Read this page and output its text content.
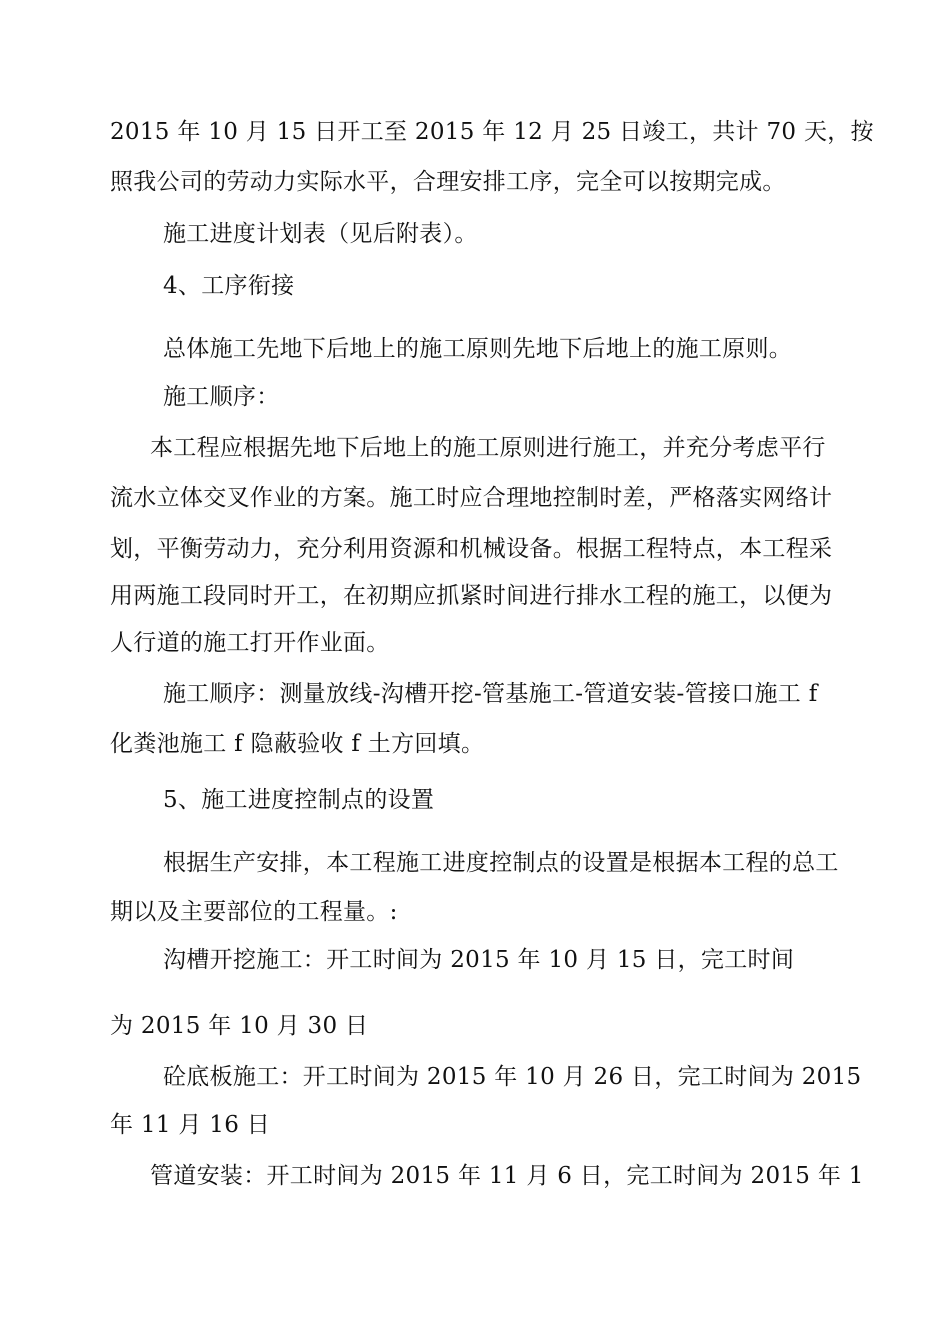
2015 年 10 月 15 日开工至 2015 年 12 月 25 日竣工，共计 70 天，按
照我公司的劳动力实际水平，合理安排工序，完全可以按期完成。
施工进度计划表（见后附表）。
4、工序衔接
总体施工先地下后地上的施工原则先地下后地上的施工原则。
施工顺序：
本工程应根据先地下后地上的施工原则进行施工，并充分考虑平行
流水立体交叉作业的方案。施工时应合理地控制时差，严格落实网络计
划，平衡劳动力，充分利用资源和机械设备。根据工程特点，本工程采
用两施工段同时开工，在初期应抓紧时间进行排水工程的施工，以便为
人行道的施工打开作业面。
施工顺序：测量放线-沟槽开挖-管基施工-管道安装-管接口施工 f
化粪池施工 f 隐蔽验收 f 土方回填。
5、施工进度控制点的设置
根据生产安排，本工程施工进度控制点的设置是根据本工程的总工
期以及主要部位的工程量。:
沟槽开挖施工：开工时间为 2015 年 10 月 15 日，完工时间
为 2015 年 10 月 30 日
砼底板施工：开工时间为 2015 年 10 月 26 日，完工时间为 2015
年 11 月 16 日
管道安装：开工时间为 2015 年 11 月 6 日，完工时间为 2015 年 1
